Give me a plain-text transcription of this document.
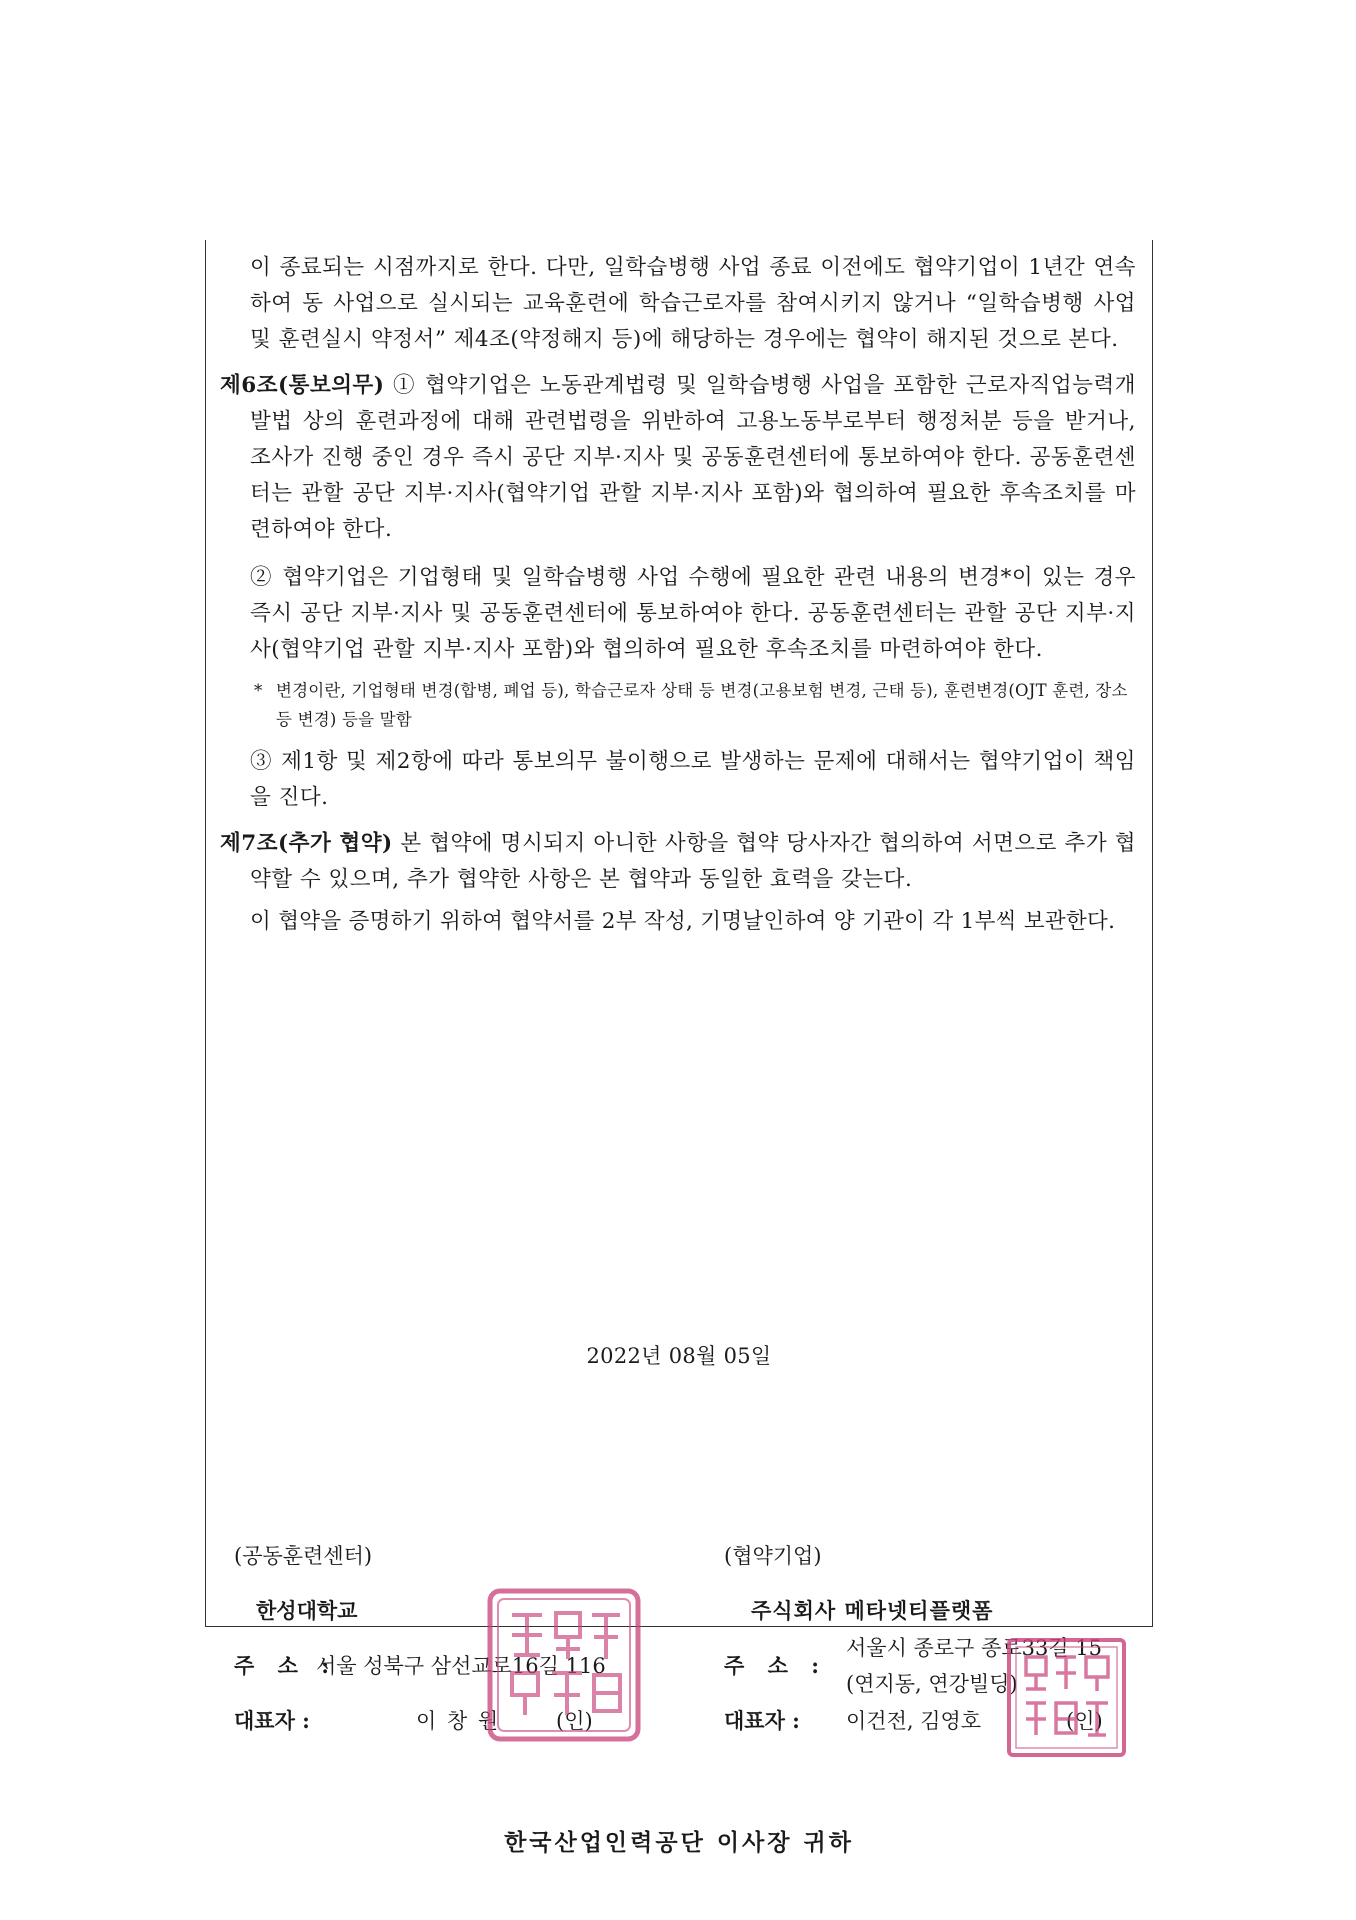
이 종료되는 시점까지로 한다. 다만, 일학습병행 사업 종료 이전에도 협약기업이 1년간 연속하여 동 사업으로 실시되는 교육훈련에 학습근로자를 참여시키지 않거나 “일학습병행 사업 및 훈련실시 약정서” 제4조(약정해지 등)에 해당하는 경우에는 협약이 해지된 것으로 본다.

제6조(통보의무) ① 협약기업은 노동관계법령 및 일학습병행 사업을 포함한 근로자직업능력개발법 상의 훈련과정에 대해 관련법령을 위반하여 고용노동부로부터 행정처분 등을 받거나, 조사가 진행 중인 경우 즉시 공단 지부·지사 및 공동훈련센터에 통보하여야 한다. 공동훈련센터는 관할 공단 지부·지사(협약기업 관할 지부·지사 포함)와 협의하여 필요한 후속조치를 마련하여야 한다.

② 협약기업은 기업형태 및 일학습병행 사업 수행에 필요한 관련 내용의 변경*이 있는 경우 즉시 공단 지부·지사 및 공동훈련센터에 통보하여야 한다. 공동훈련센터는 관할 공단 지부·지사(협약기업 관할 지부·지사 포함)와 협의하여 필요한 후속조치를 마련하여야 한다.

* 변경이란, 기업형태 변경(합병, 폐업 등), 학습근로자 상태 등 변경(고용보험 변경, 근태 등), 훈련변경(OJT 훈련, 장소 등 변경) 등을 말함

③ 제1항 및 제2항에 따라 통보의무 불이행으로 발생하는 문제에 대해서는 협약기업이 책임을 진다.

제7조(추가 협약) 본 협약에 명시되지 아니한 사항을 협약 당사자간 협의하여 서면으로 추가 협약할 수 있으며, 추가 협약한 사항은 본 협약과 동일한 효력을 갖는다.

이 협약을 증명하기 위하여 협약서를 2부 작성, 기명날인하여 양 기관이 각 1부씩 보관한다.

2022년 08월 05일
(공동훈련센터)
한성대학교
주 소 :
서울 성북구 삼선교로16길 116
대표자 :	이 창 원	(인)
(협약기업)
주식회사 메타넷티플랫폼
주 소 :
서울시 종로구 종로33길 15
(연지동, 연강빌딩)
대표자 : 이건전, 김영호	(인)
한국산업인력공단 이사장 귀하
